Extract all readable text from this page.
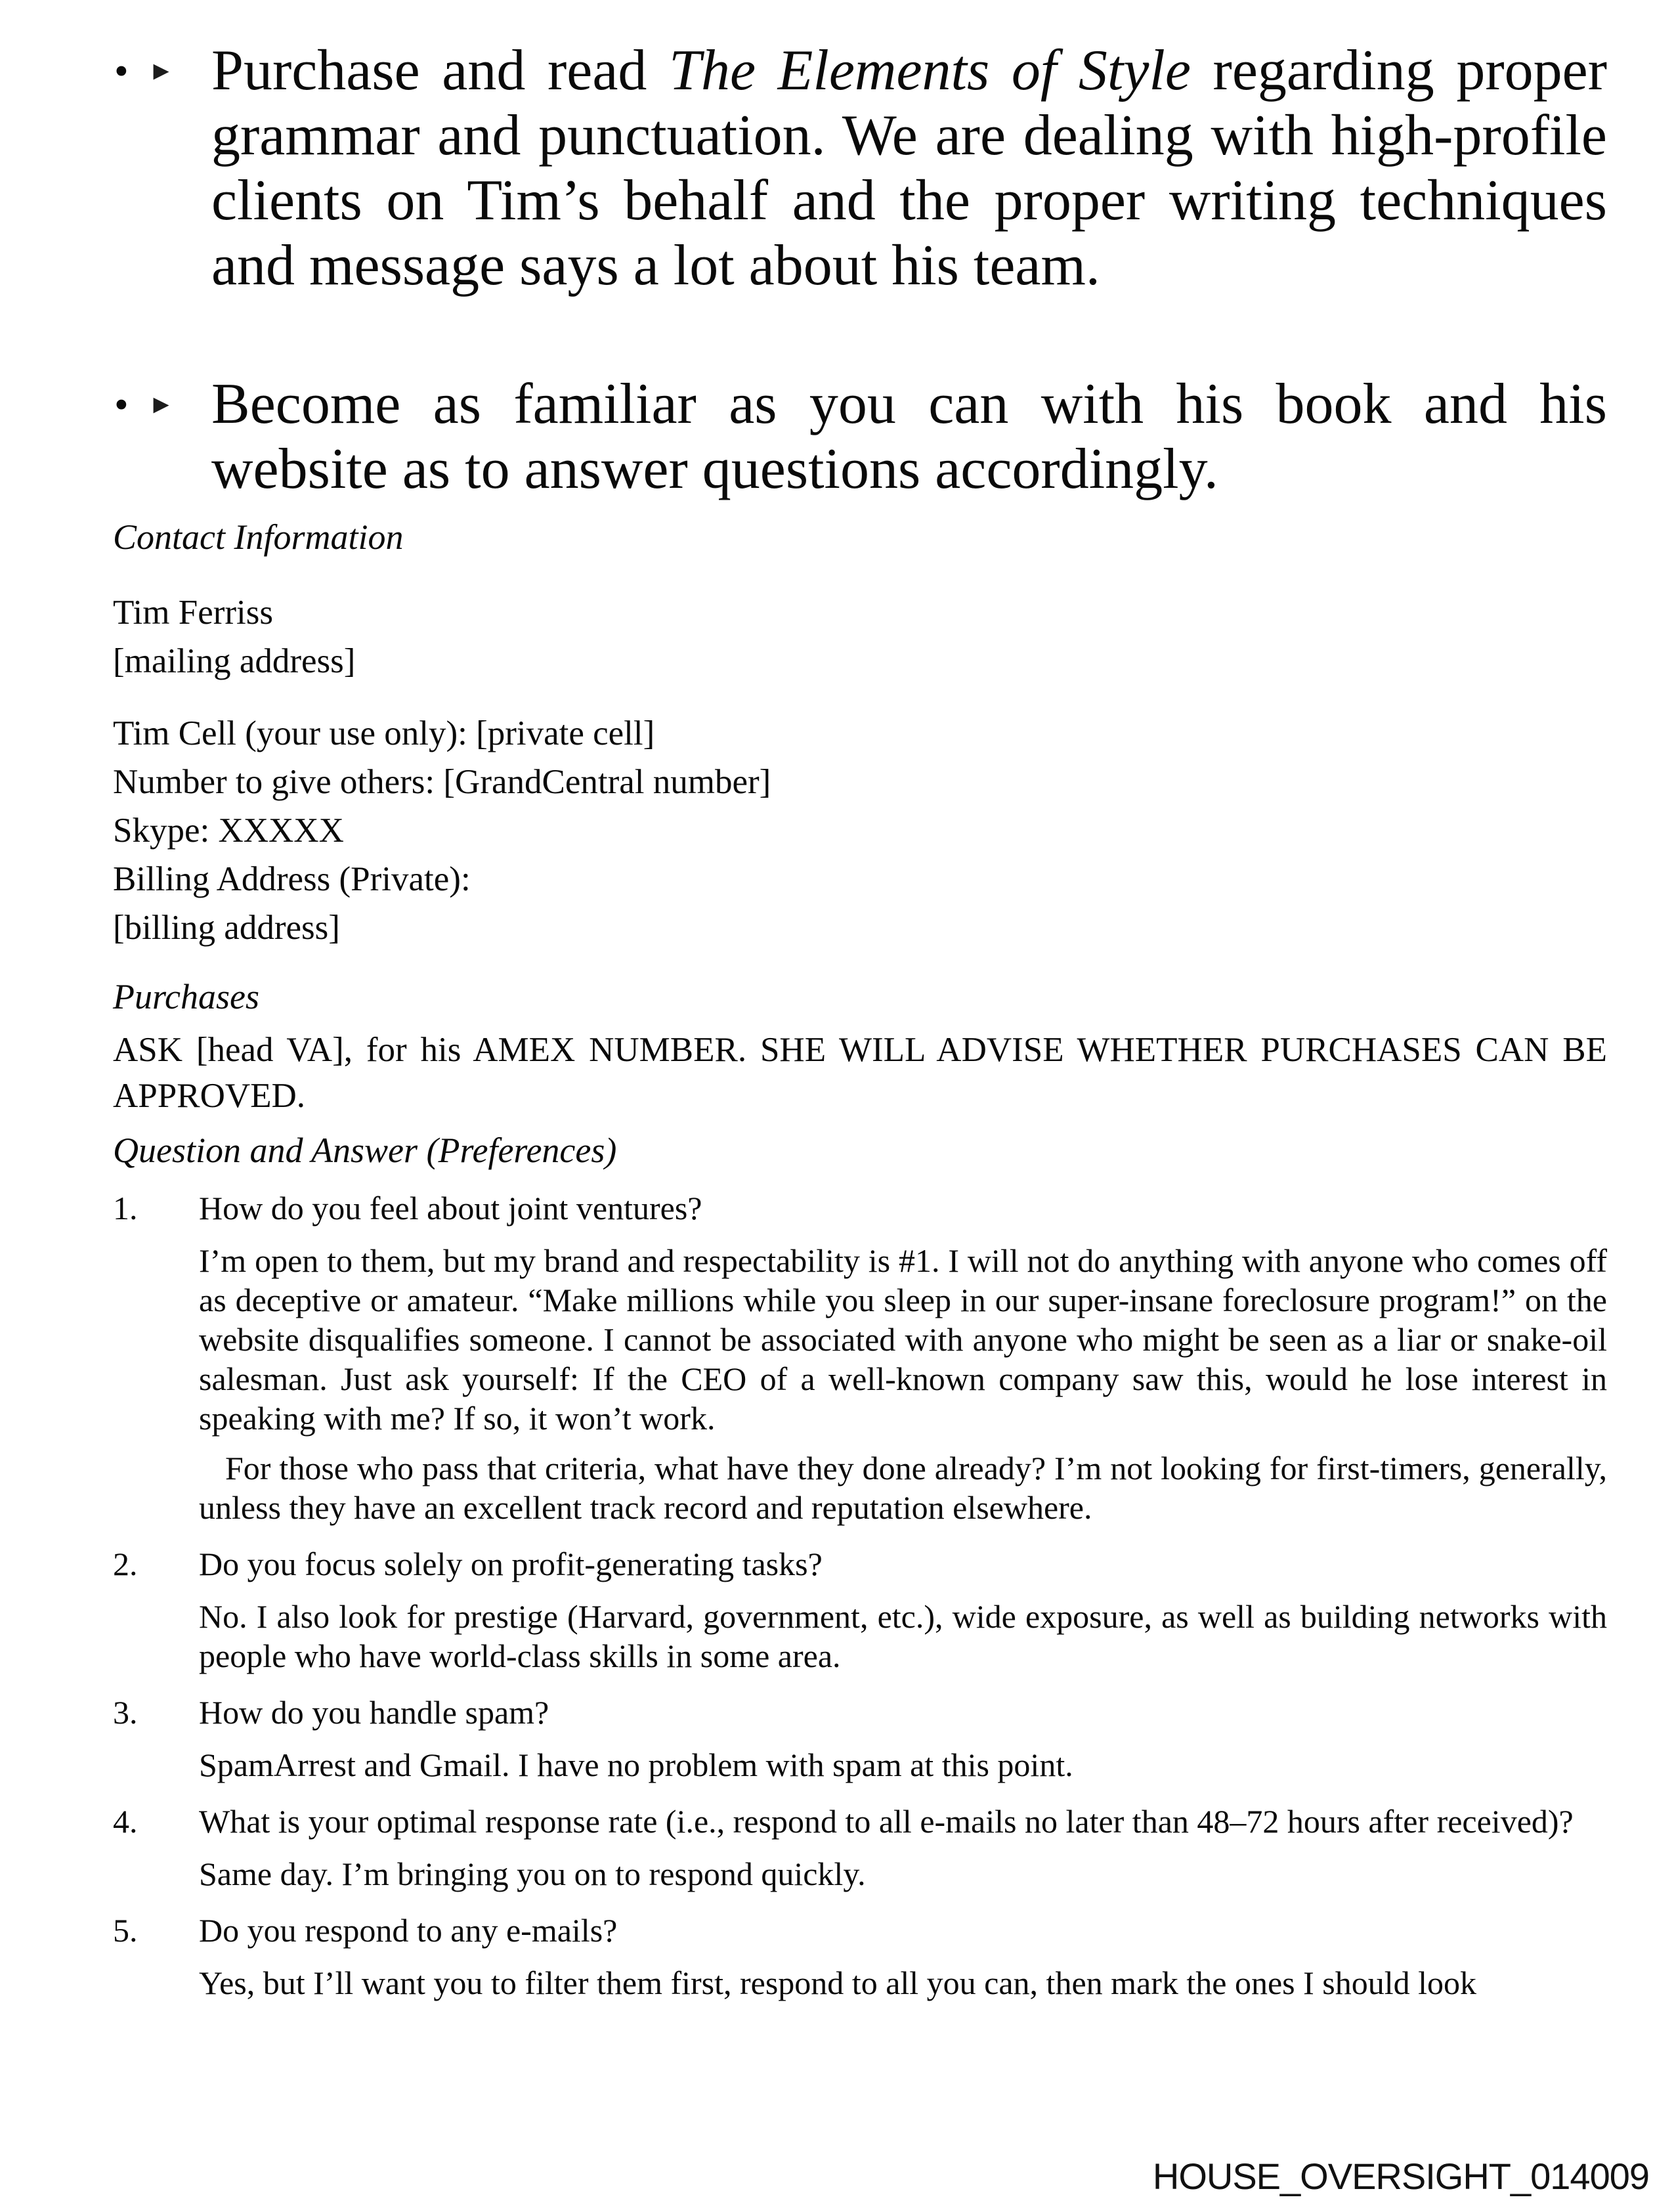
• ► Purchase and read The Elements of Style regarding proper grammar and punctuation. We are dealing with high-profile clients on Tim’s behalf and the proper writing techniques and message says a lot about his team.
• ► Become as familiar as you can with his book and his website as to answer questions accordingly.
Contact Information
Tim Ferriss
[mailing address]
Tim Cell (your use only): [private cell]
Number to give others: [GrandCentral number]
Skype: XXXXX
Billing Address (Private):
[billing address]
Purchases
ASK [head VA], for his AMEX NUMBER. SHE WILL ADVISE WHETHER PURCHASES CAN BE APPROVED.
Question and Answer (Preferences)
1.	How do you feel about joint ventures?
I’m open to them, but my brand and respectability is #1. I will not do anything with anyone who comes off as deceptive or amateur. “Make millions while you sleep in our super-insane foreclosure program!” on the website disqualifies someone. I cannot be associated with anyone who might be seen as a liar or snake-oil salesman. Just ask yourself: If the CEO of a well-known company saw this, would he lose interest in speaking with me? If so, it won’t work.
For those who pass that criteria, what have they done already? I’m not looking for first-timers, generally, unless they have an excellent track record and reputation elsewhere.
2.	Do you focus solely on profit-generating tasks?
No. I also look for prestige (Harvard, government, etc.), wide exposure, as well as building networks with people who have world-class skills in some area.
3.	How do you handle spam?
SpamArrest and Gmail. I have no problem with spam at this point.
4.	What is your optimal response rate (i.e., respond to all e-mails no later than 48–72 hours after received)?
Same day. I’m bringing you on to respond quickly.
5.	Do you respond to any e-mails?
Yes, but I’ll want you to filter them first, respond to all you can, then mark the ones I should look
HOUSE_OVERSIGHT_014009
